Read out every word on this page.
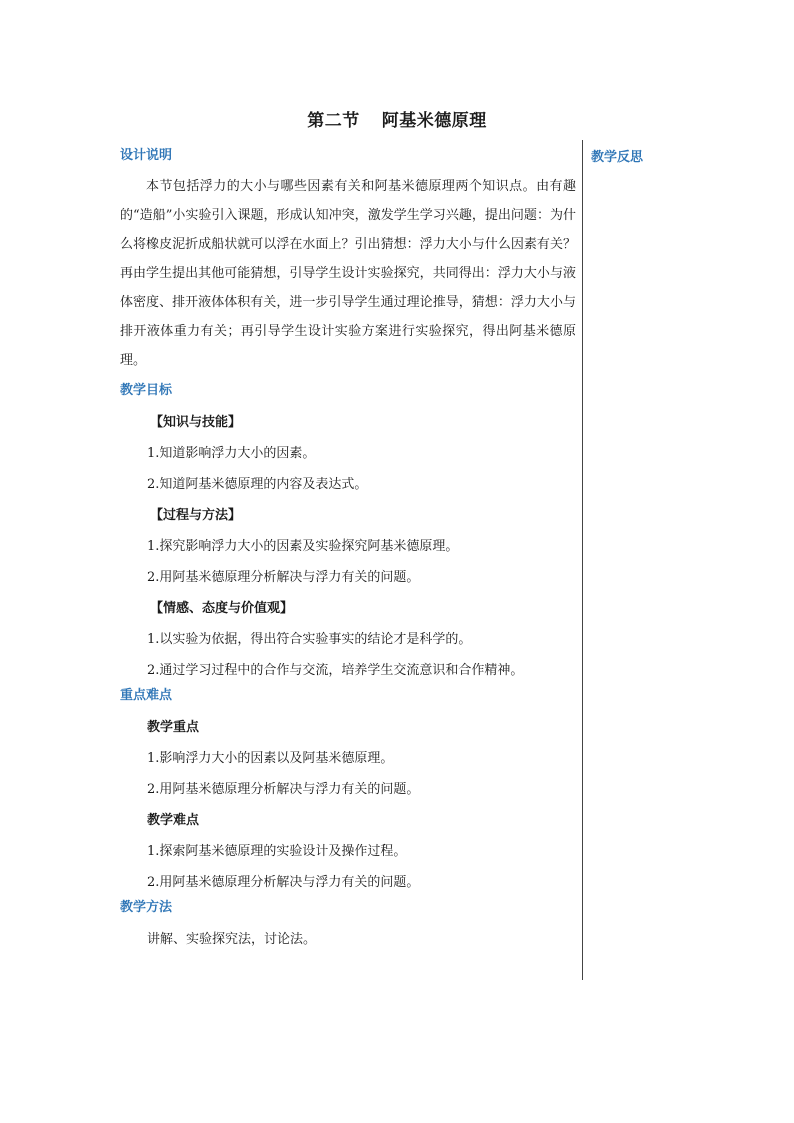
第二节 阿基米德原理
教学反思
设计说明

本节包括浮力的大小与哪些因素有关和阿基米德原理两个知识点。由有趣的“造船”小实验引入课题，形成认知冲突，激发学生学习兴趣，提出问题：为什么将橡皮泥折成船状就可以浮在水面上？引出猜想：浮力大小与什么因素有关？再由学生提出其他可能猜想，引导学生设计实验探究，共同得出：浮力大小与液体密度、排开液体体积有关，进一步引导学生通过理论推导，猜想：浮力大小与排开液体重力有关；再引导学生设计实验方案进行实验探究，得出阿基米德原理。

教学目标
【知识与技能】
1.知道影响浮力大小的因素。
2.知道阿基米德原理的内容及表达式。
【过程与方法】
1.探究影响浮力大小的因素及实验探究阿基米德原理。
2.用阿基米德原理分析解决与浮力有关的问题。
【情感、态度与价值观】
1.以实验为依据，得出符合实验事实的结论才是科学的。
2.通过学习过程中的合作与交流，培养学生交流意识和合作精神。
重点难点
教学重点
1.影响浮力大小的因素以及阿基米德原理。
2.用阿基米德原理分析解决与浮力有关的问题。
教学难点
1.探索阿基米德原理的实验设计及操作过程。
2.用阿基米德原理分析解决与浮力有关的问题。
教学方法
讲解、实验探究法，讨论法。
